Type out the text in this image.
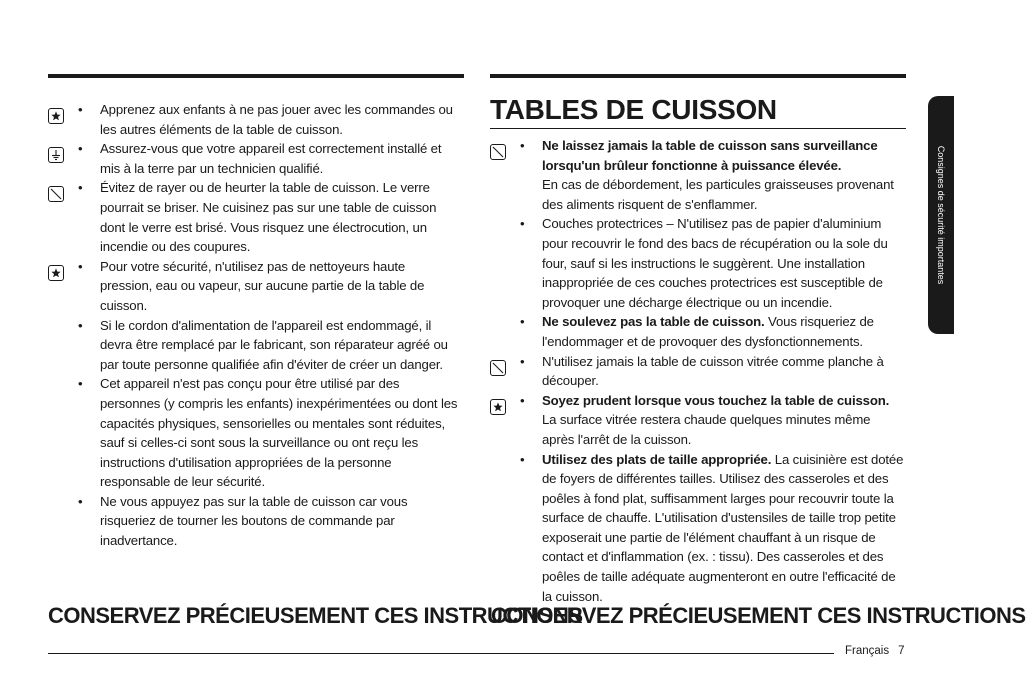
• Apprenez aux enfants à ne pas jouer avec les commandes ou les autres éléments de la table de cuisson.
• Assurez-vous que votre appareil est correctement installé et mis à la terre par un technicien qualifié.
• Évitez de rayer ou de heurter la table de cuisson. Le verre pourrait se briser. Ne cuisinez pas sur une table de cuisson dont le verre est brisé. Vous risquez une électrocution, un incendie ou des coupures.
• Pour votre sécurité, n'utilisez pas de nettoyeurs haute pression, eau ou vapeur, sur aucune partie de la table de cuisson.
• Si le cordon d'alimentation de l'appareil est endommagé, il devra être remplacé par le fabricant, son réparateur agréé ou par toute personne qualifiée afin d'éviter de créer un danger.
• Cet appareil n'est pas conçu pour être utilisé par des personnes (y compris les enfants) inexpérimentées ou dont les capacités physiques, sensorielles ou mentales sont réduites, sauf si celles-ci sont sous la surveillance ou ont reçu les instructions d'utilisation appropriées de la personne responsable de leur sécurité.
• Ne vous appuyez pas sur la table de cuisson car vous risqueriez de tourner les boutons de commande par inadvertance.
TABLES DE CUISSON
• Ne laissez jamais la table de cuisson sans surveillance lorsqu'un brûleur fonctionne à puissance élevée.
En cas de débordement, les particules graisseuses provenant des aliments risquent de s'enflammer.
• Couches protectrices – N'utilisez pas de papier d'aluminium pour recouvrir le fond des bacs de récupération ou la sole du four, sauf si les instructions le suggèrent. Une installation inappropriée de ces couches protectrices est susceptible de provoquer une décharge électrique ou un incendie.
• Ne soulevez pas la table de cuisson. Vous risqueriez de l'endommager et de provoquer des dysfonctionnements.
• N'utilisez jamais la table de cuisson vitrée comme planche à découper.
• Soyez prudent lorsque vous touchez la table de cuisson.
La surface vitrée restera chaude quelques minutes même après l'arrêt de la cuisson.
• Utilisez des plats de taille appropriée. La cuisinière est dotée de foyers de différentes tailles. Utilisez des casseroles et des poêles à fond plat, suffisamment larges pour recouvrir toute la surface de chauffe. L'utilisation d'ustensiles de taille trop petite exposerait une partie de l'élément chauffant à un risque de contact et d'inflammation (ex. : tissu). Des casseroles et des poêles de taille adéquate augmenteront en outre l'efficacité de la cuisson.
CONSERVEZ PRÉCIEUSEMENT CES INSTRUCTIONS
CONSERVEZ PRÉCIEUSEMENT CES INSTRUCTIONS
Consignes de sécurité importantes
Français 7
